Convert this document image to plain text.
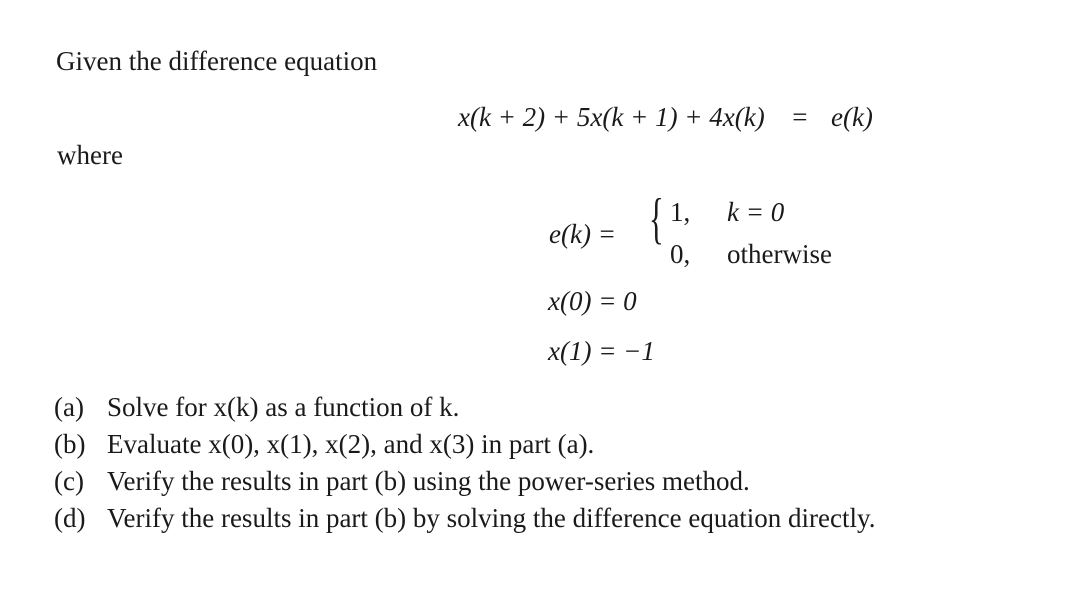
Given the difference equation
x(k + 2) + 5x(k + 1) + 4x(k) = e(k)
where
e(k) = { 1, k = 0
0, otherwise
x(0) = 0
x(1) = −1
(a) Solve for x(k) as a function of k.
(b) Evaluate x(0), x(1), x(2), and x(3) in part (a).
(c) Verify the results in part (b) using the power-series method.
(d) Verify the results in part (b) by solving the difference equation directly.
